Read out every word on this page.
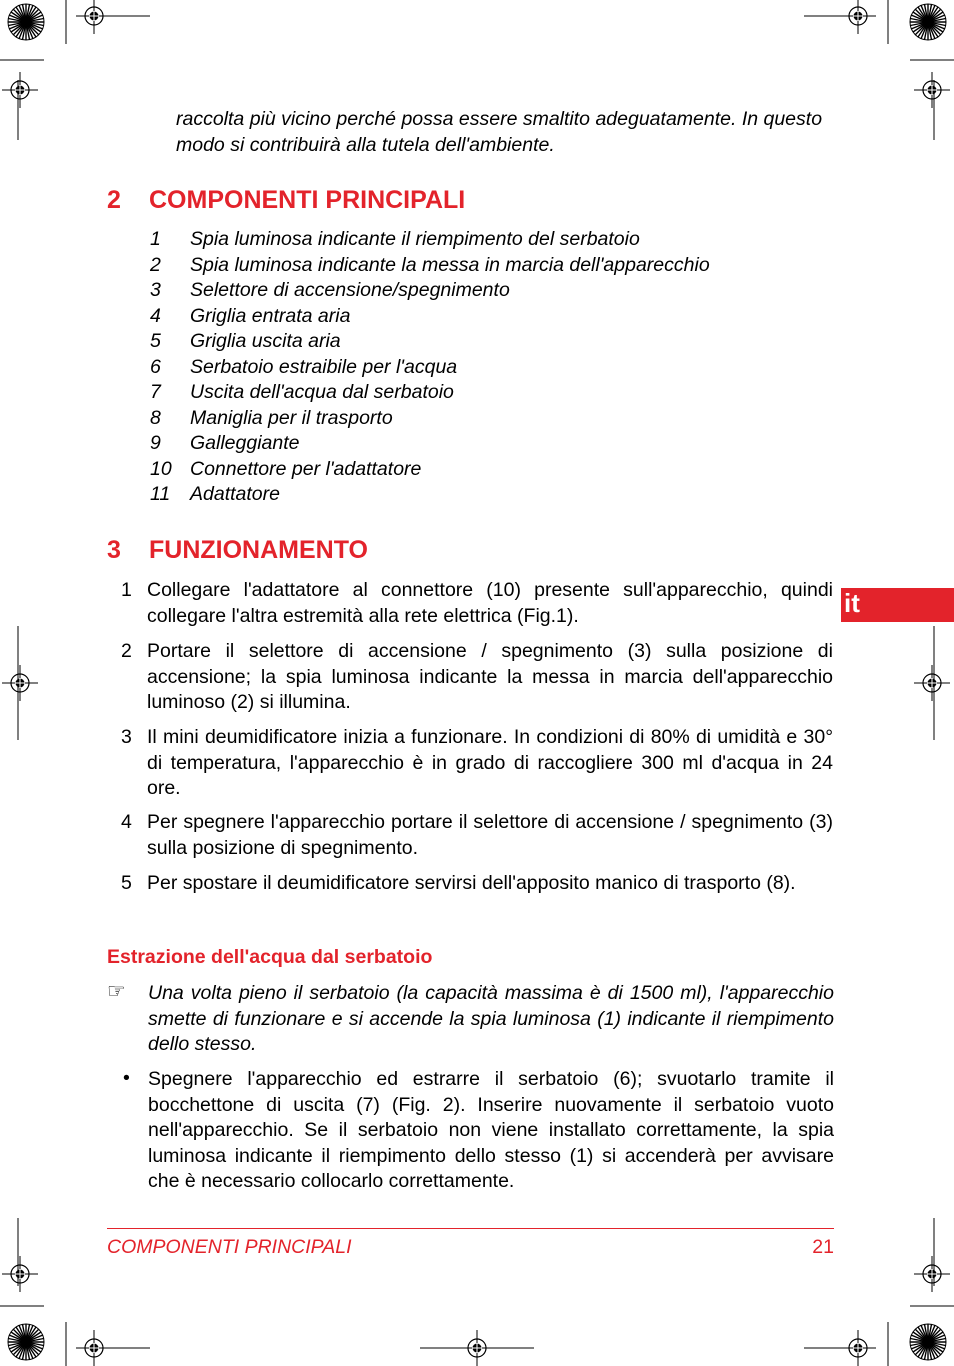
raccolta più vicino perché possa essere smaltito adeguatamente. In questo modo si contribuirà alla tutela dell'ambiente.
2 COMPONENTI PRINCIPALI
1 Spia luminosa indicante il riempimento del serbatoio
2 Spia luminosa indicante la messa in marcia dell'apparecchio
3 Selettore di accensione/spegnimento
4 Griglia entrata aria
5 Griglia uscita aria
6 Serbatoio estraibile per l'acqua
7 Uscita dell'acqua dal serbatoio
8 Maniglia per il trasporto
9 Galleggiante
10 Connettore per l'adattatore
11 Adattatore
3 FUNZIONAMENTO
1 Collegare l'adattatore al connettore (10) presente sull'apparecchio, quindi collegare l'altra estremità alla rete elettrica (Fig.1).
2 Portare il selettore di accensione / spegnimento (3) sulla posizione di accensione; la spia luminosa indicante la messa in marcia dell'apparecchio luminoso (2) si illumina.
3 Il mini deumidificatore inizia a funzionare. In condizioni di 80% di umidità e 30° di temperatura, l'apparecchio è in grado di raccogliere 300 ml d'acqua in 24 ore.
4 Per spegnere l'apparecchio portare il selettore di accensione / spegnimento (3) sulla posizione di spegnimento.
5 Per spostare il deumidificatore servirsi dell'apposito manico di trasporto (8).
Estrazione dell'acqua dal serbatoio
☞ Una volta pieno il serbatoio (la capacità massima è di 1500 ml), l'apparecchio smette di funzionare e si accende la spia luminosa (1) indicante il riempimento dello stesso.
• Spegnere l'apparecchio ed estrarre il serbatoio (6); svuotarlo tramite il bocchettone di uscita (7) (Fig. 2). Inserire nuovamente il serbatoio vuoto nell'apparecchio. Se il serbatoio non viene installato correttamente, la spia luminosa indicante il riempimento dello stesso (1) si accenderà per avvisare che è necessario collocarlo correttamente.
it
COMPONENTI PRINCIPALI	21
